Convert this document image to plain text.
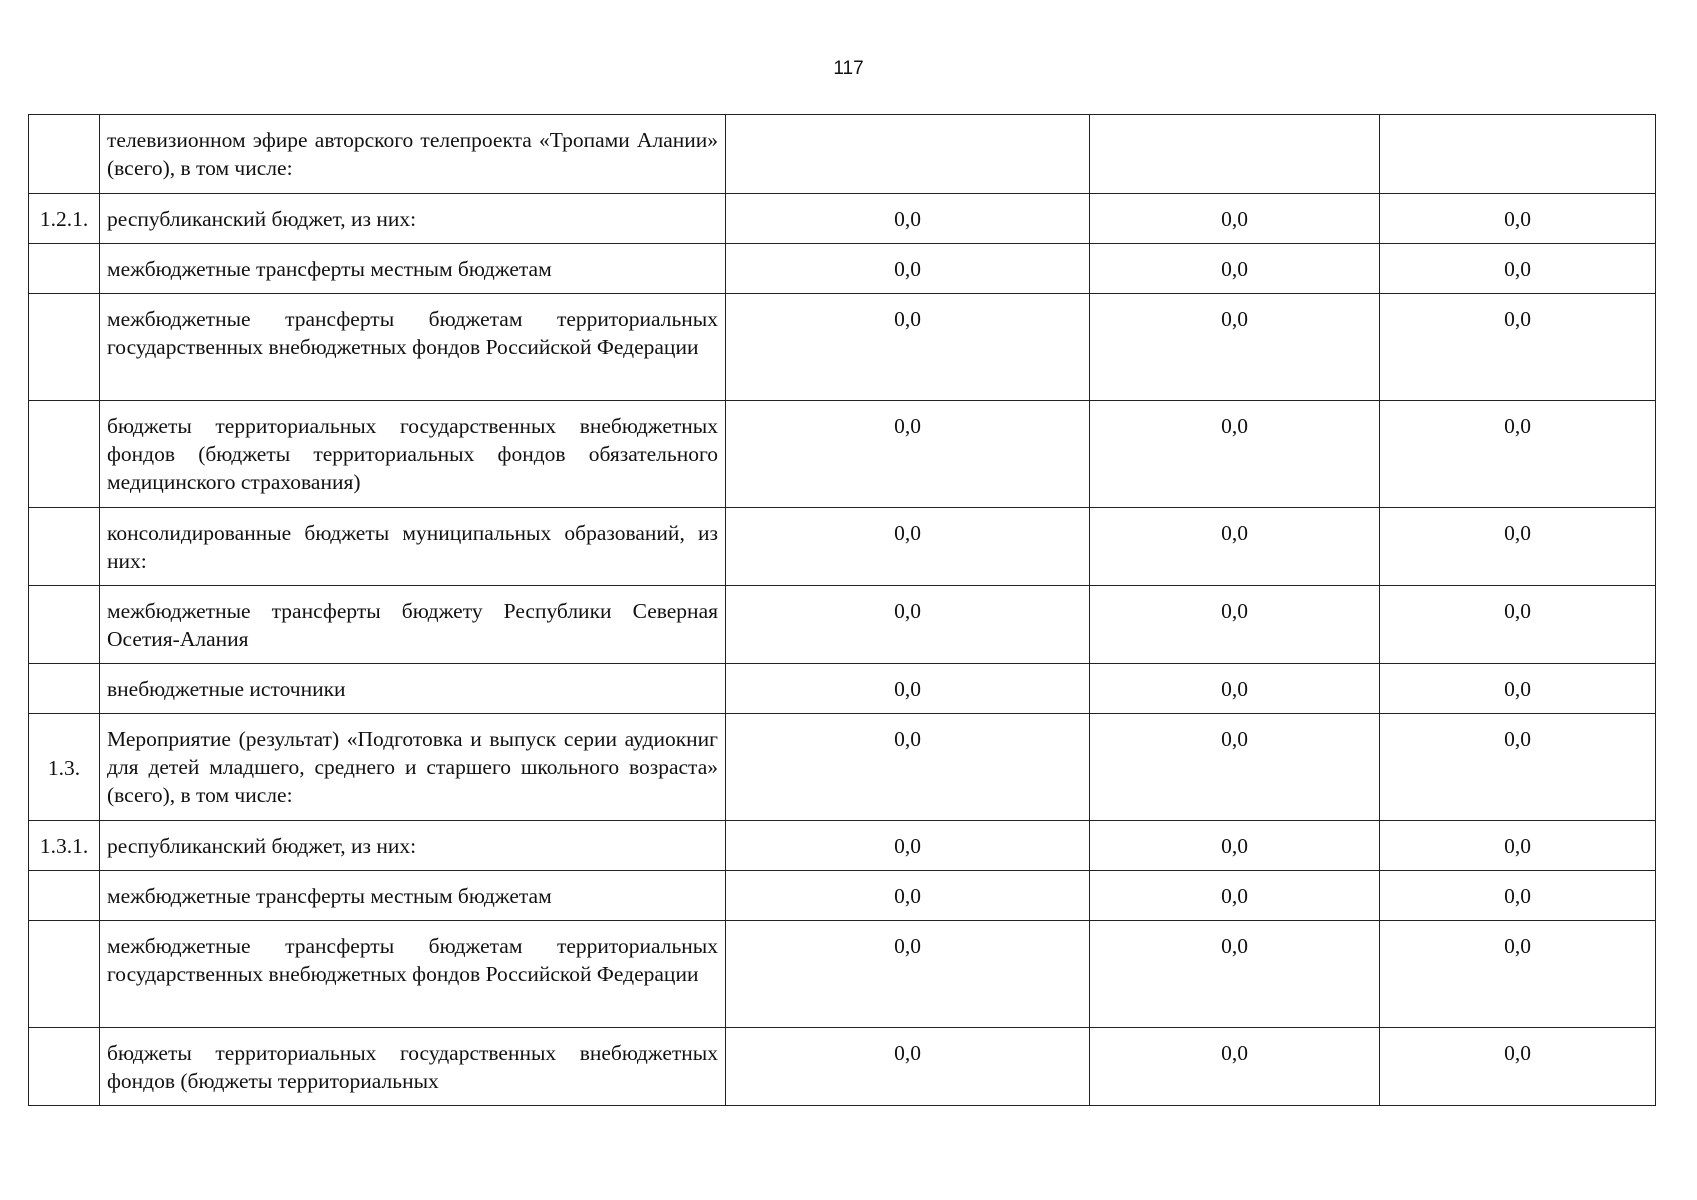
117
	телевизионном эфире авторского телепроекта «Тропами Алании» (всего), в том числе:			
1.2.1.	республиканский бюджет, из них:	0,0	0,0	0,0
	межбюджетные трансферты местным бюджетам	0,0	0,0	0,0
	межбюджетные трансферты бюджетам территориальных государственных внебюджетных фондов Российской Федерации	0,0	0,0	0,0
	бюджеты территориальных государственных внебюджетных фондов (бюджеты территориальных фондов обязательного медицинского страхования)	0,0	0,0	0,0
	консолидированные бюджеты муниципальных образований, из них:	0,0	0,0	0,0
	межбюджетные трансферты бюджету Республики Северная Осетия-Алания	0,0	0,0	0,0
	внебюджетные источники	0,0	0,0	0,0
1.3.	Мероприятие (результат) «Подготовка и выпуск серии аудиокниг для детей младшего, среднего и старшего школьного возраста» (всего), в том числе:	0,0	0,0	0,0
1.3.1.	республиканский бюджет, из них:	0,0	0,0	0,0
	межбюджетные трансферты местным бюджетам	0,0	0,0	0,0
	межбюджетные трансферты бюджетам территориальных государственных внебюджетных фондов Российской Федерации	0,0	0,0	0,0

	бюджеты территориальных государственных внебюджетных фондов (бюджеты территориальных	0,0	0,0	0,0
